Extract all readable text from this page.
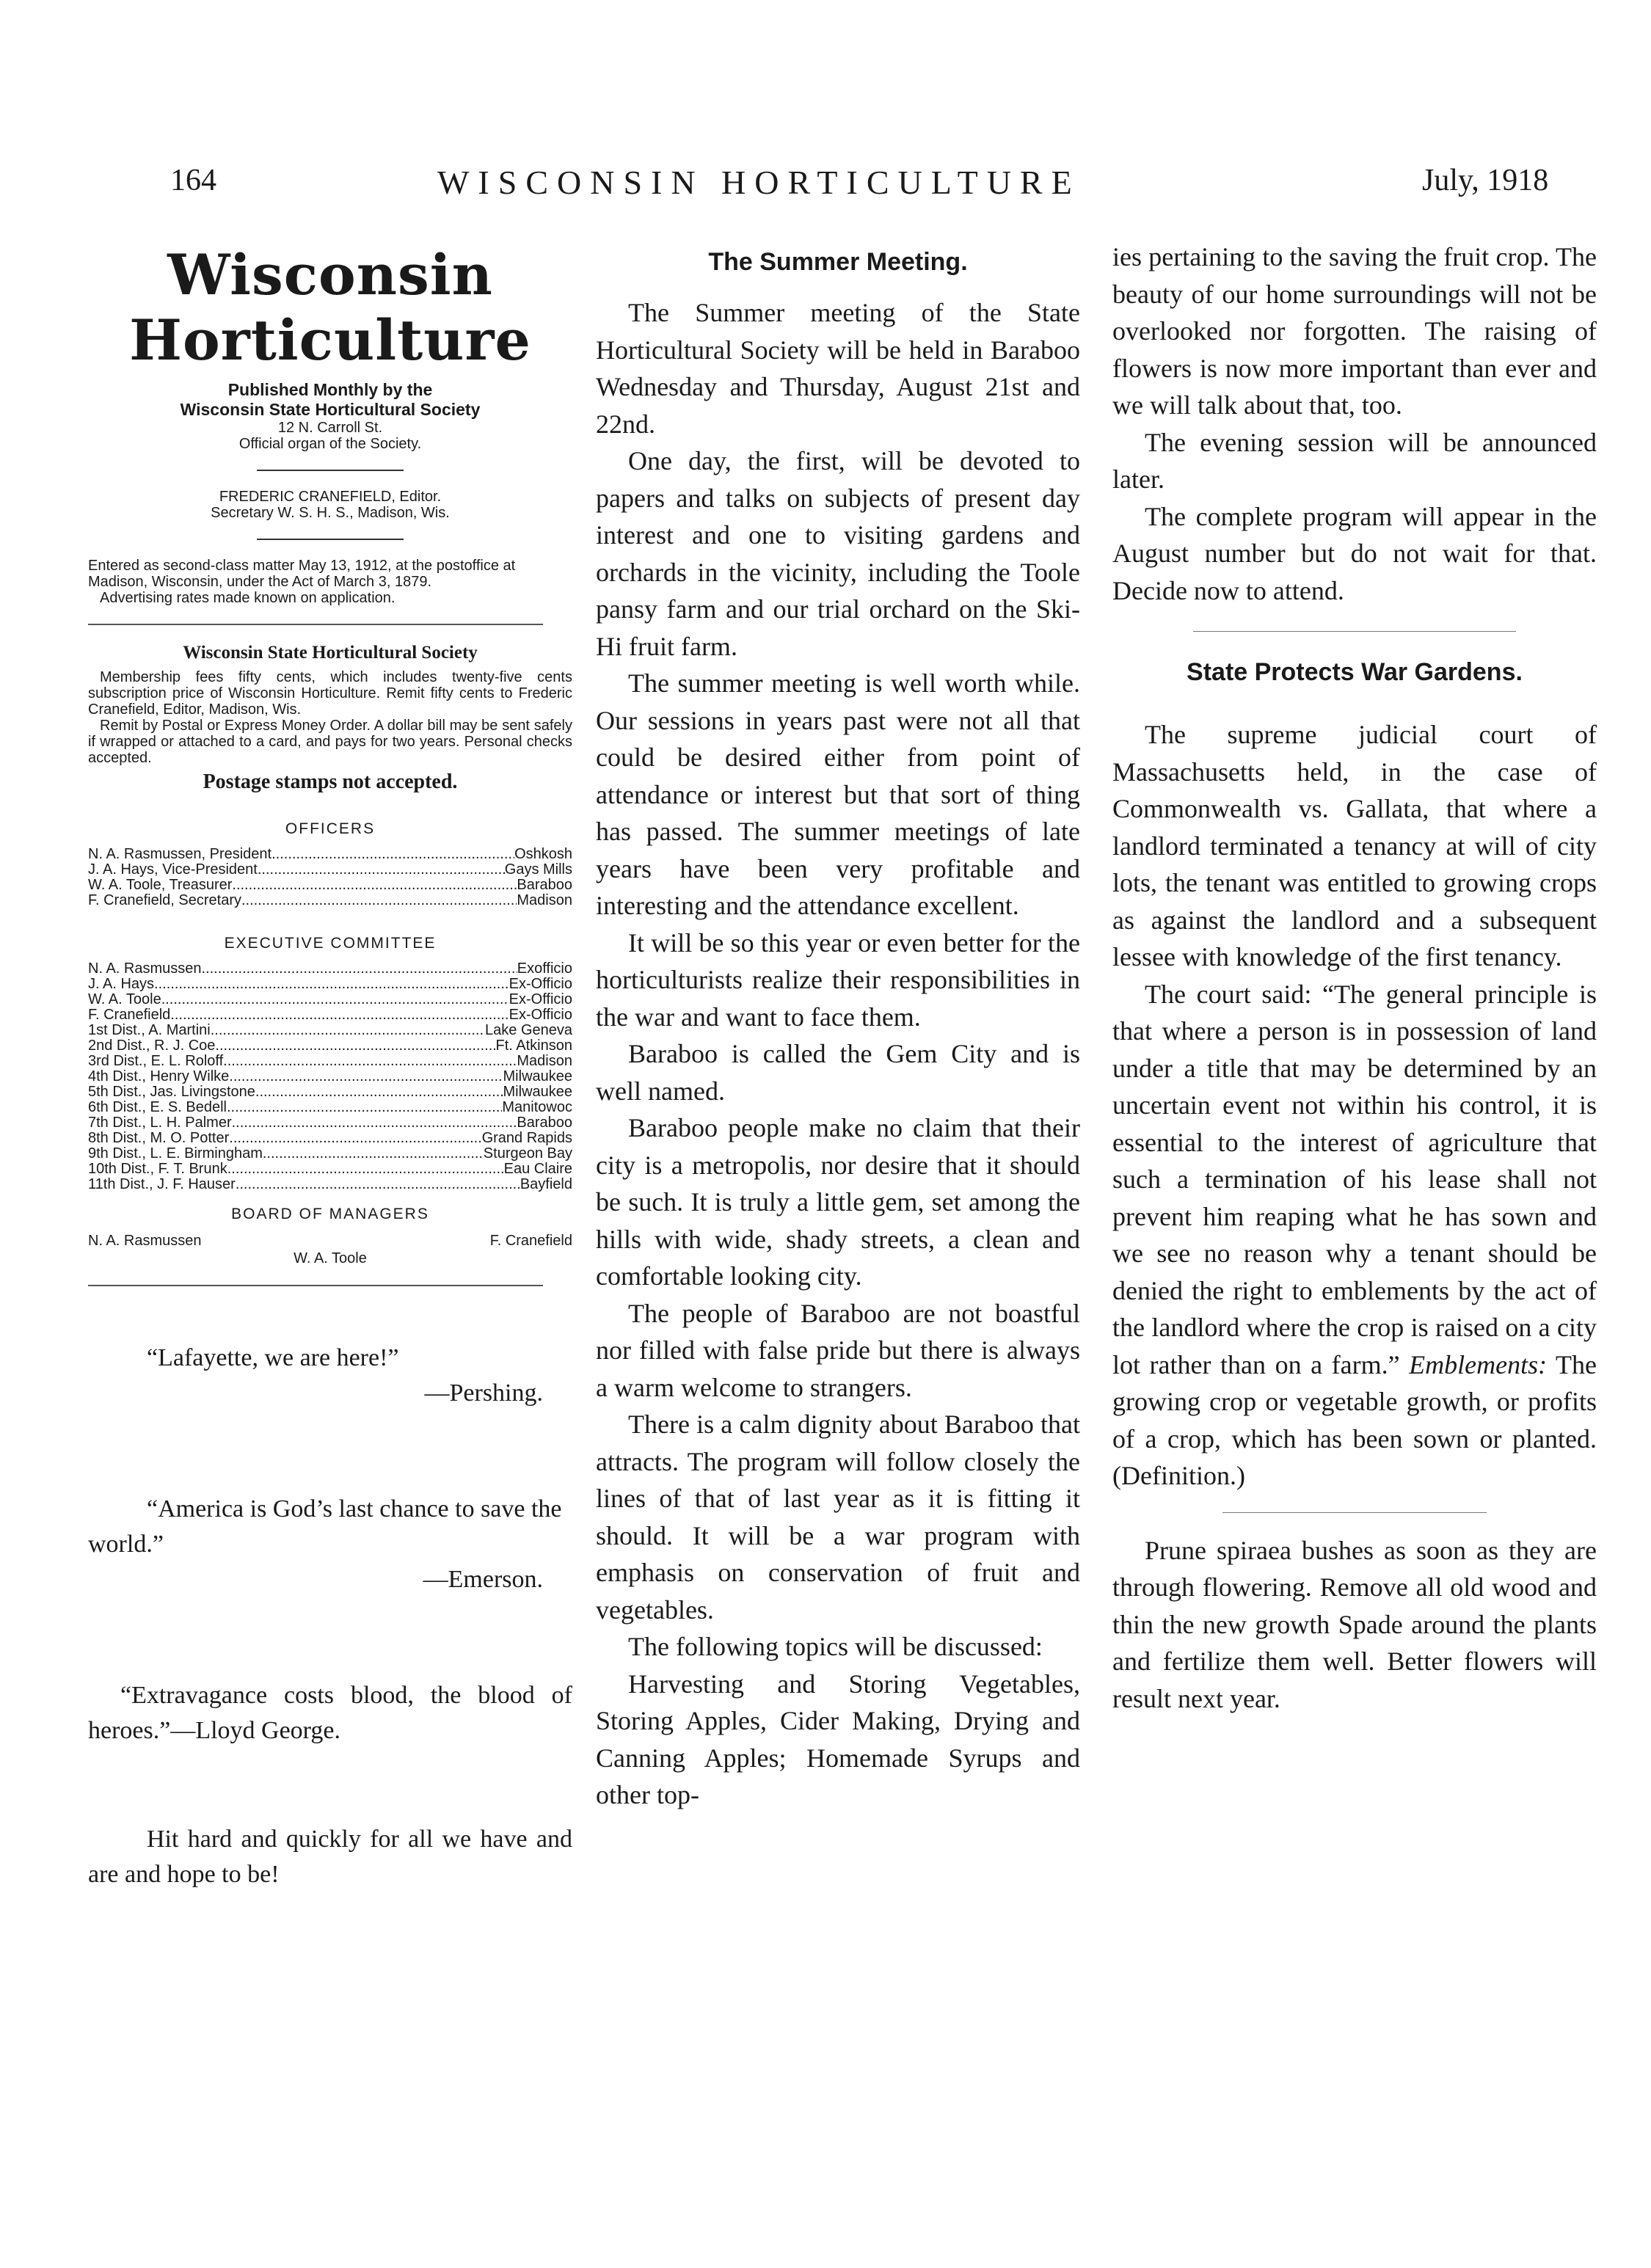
164	WISCONSIN HORTICULTURE	July, 1918
Wisconsin Horticulture
Published Monthly by the
Wisconsin State Horticultural Society
12 N. Carroll St.
Official organ of the Society.
FREDERIC CRANEFIELD, Editor.
Secretary W. S. H. S., Madison, Wis.
Entered as second-class matter May 13, 1912, at the postoffice at Madison, Wisconsin, under the Act of March 3, 1879.
Advertising rates made known on application.
Wisconsin State Horticultural Society
Membership fees fifty cents, which includes twenty-five cents subscription price of Wisconsin Horticulture. Remit fifty cents to Frederic Cranefield, Editor, Madison, Wis.
Remit by Postal or Express Money Order. A dollar bill may be sent safely if wrapped or attached to a card, and pays for two years. Personal checks accepted.
Postage stamps not accepted.
OFFICERS
N. A. Rasmussen, President .....	Oshkosh
J. A. Hays, Vice-President .....	Gays Mills
W. A. Toole, Treasurer .....	Baraboo
F. Cranefield, Secretary .....	Madison
EXECUTIVE COMMITTEE
N. A. Rasmussen .....	Exofficio
J. A. Hays .....	Ex-Officio
W. A. Toole .....	Ex-Officio
F. Cranefield .....	Ex-Officio
1st Dist., A. Martini .....	Lake Geneva
2nd Dist., R. J. Coe .....	Ft. Atkinson
3rd Dist., E. L. Roloff .....	Madison
4th Dist., Henry Wilke .....	Milwaukee
5th Dist., Jas. Livingstone .....	Milwaukee
6th Dist., E. S. Bedell .....	Manitowoc
7th Dist., L. H. Palmer .....	Baraboo
8th Dist., M. O. Potter .....	Grand Rapids
9th Dist., L. E. Birmingham .....	Sturgeon Bay
10th Dist., F. T. Brunk .....	Eau Claire
11th Dist., J. F. Hauser .....	Bayfield
BOARD OF MANAGERS
N. A. Rasmussen	F. Cranefield
W. A. Toole
“Lafayette, we are here!”
—Pershing.
“America is God’s last chance to save the world.”
—Emerson.
“Extravagance costs blood, the blood of heroes.”—Lloyd George.
Hit hard and quickly for all we have and are and hope to be!
The Summer Meeting.

The Summer meeting of the State Horticultural Society will be held in Baraboo Wednesday and Thursday, August 21st and 22nd.

One day, the first, will be devoted to papers and talks on subjects of present day interest and one to visiting gardens and orchards in the vicinity, including the Toole pansy farm and our trial orchard on the Ski-Hi fruit farm.

The summer meeting is well worth while. Our sessions in years past were not all that could be desired either from point of attendance or interest but that sort of thing has passed. The summer meetings of late years have been very profitable and interesting and the attendance excellent.

It will be so this year or even better for the horticulturists realize their responsibilities in the war and want to face them.

Baraboo is called the Gem City and is well named.

Baraboo people make no claim that their city is a metropolis, nor desire that it should be such. It is truly a little gem, set among the hills with wide, shady streets, a clean and comfortable looking city.

The people of Baraboo are not boastful nor filled with false pride but there is always a warm welcome to strangers.

There is a calm dignity about Baraboo that attracts. The program will follow closely the lines of that of last year as it is fitting it should. It will be a war program with emphasis on conservation of fruit and vegetables.

The following topics will be discussed:

Harvesting and Storing Vegetables, Storing Apples, Cider Making, Drying and Canning Apples; Homemade Syrups and other top-

ies pertaining to the saving the fruit crop. The beauty of our home surroundings will not be overlooked nor forgotten. The raising of flowers is now more important than ever and we will talk about that, too.

The evening session will be announced later.

The complete program will appear in the August number but do not wait for that. Decide now to attend.

State Protects War Gardens.

The supreme judicial court of Massachusetts held, in the case of Commonwealth vs. Gallata, that where a landlord terminated a tenancy at will of city lots, the tenant was entitled to growing crops as against the landlord and a subsequent lessee with knowledge of the first tenancy.

The court said: “The general principle is that where a person is in possession of land under a title that may be determined by an uncertain event not within his control, it is essential to the interest of agriculture that such a termination of his lease shall not prevent him reaping what he has sown and we see no reason why a tenant should be denied the right to emblements by the act of the landlord where the crop is raised on a city lot rather than on a farm.” Emblements: The growing crop or vegetable growth, or profits of a crop, which has been sown or planted. (Definition.)

Prune spiraea bushes as soon as they are through flowering. Remove all old wood and thin the new growth Spade around the plants and fertilize them well. Better flowers will result next year.
